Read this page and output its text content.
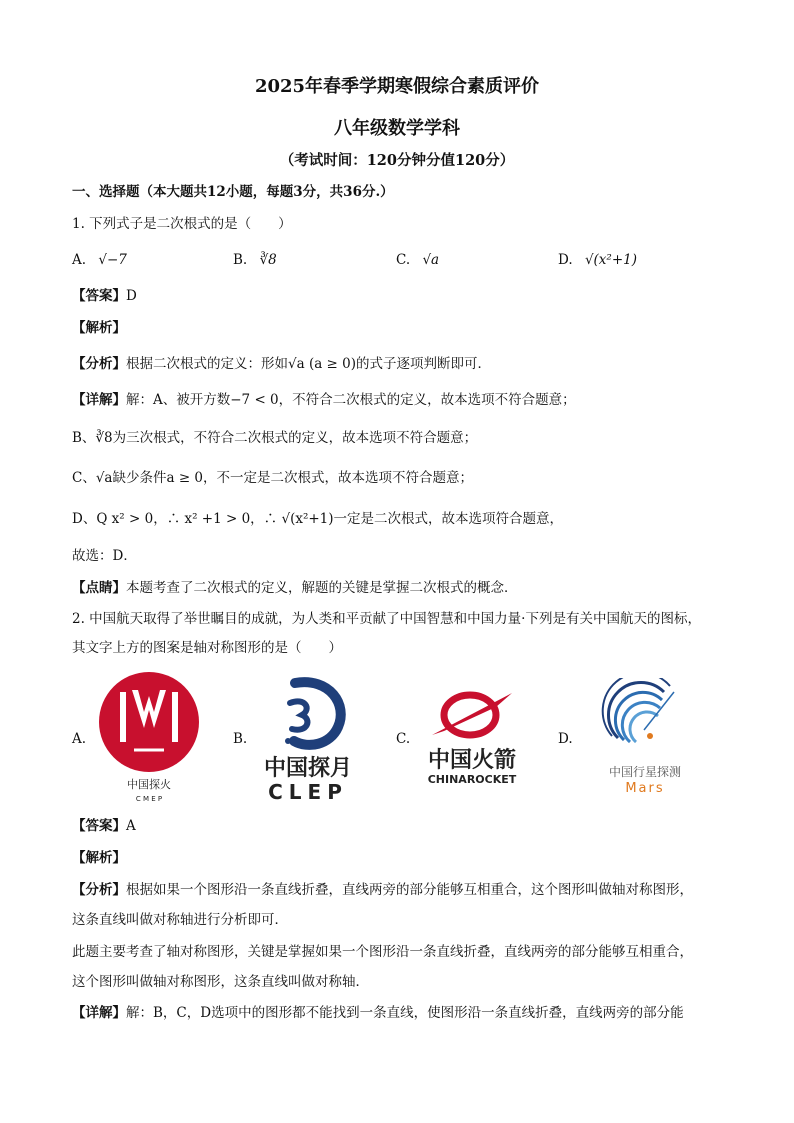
2025年春季学期寒假综合素质评价
八年级数学学科
（考试时间：120分钟分值120分）
一、选择题（本大题共12小题，每题3分，共36分.）
1. 下列式子是二次根式的是（　　）
A. √−7	B. ∛8	C. √a	D. √(x²+1)
【答案】D
【解析】
【分析】根据二次根式的定义：形如√a (a ≥ 0)的式子逐项判断即可．
【详解】解：A、被开方数−7 < 0，不符合二次根式的定义，故本选项不符合题意；
B、∛8为三次根式，不符合二次根式的定义，故本选项不符合题意；
C、√a缺少条件a ≥ 0，不一定是二次根式，故本选项不符合题意；
D、Q x² > 0，∴ x² +1 > 0，∴ √(x²+1)一定是二次根式，故本选项符合题意，
故选：D．
【点睛】本题考查了二次根式的定义，解题的关键是掌握二次根式的概念．
2. 中国航天取得了举世瞩目的成就，为人类和平贡献了中国智慧和中国力量·下列是有关中国航天的图标，
其文字上方的图案是轴对称图形的是（　　）
A.
中国探火
C M E P
B.
中国探月
CLEP
C.
中国火箭
CHINAROCKET
D.
中国行星探测
Mars
【答案】A
【解析】
【分析】根据如果一个图形沿一条直线折叠，直线两旁的部分能够互相重合，这个图形叫做轴对称图形，
这条直线叫做对称轴进行分析即可．
此题主要考查了轴对称图形，关键是掌握如果一个图形沿一条直线折叠，直线两旁的部分能够互相重合，
这个图形叫做轴对称图形，这条直线叫做对称轴．
【详解】解：B，C，D选项中的图形都不能找到一条直线，使图形沿一条直线折叠，直线两旁的部分能
